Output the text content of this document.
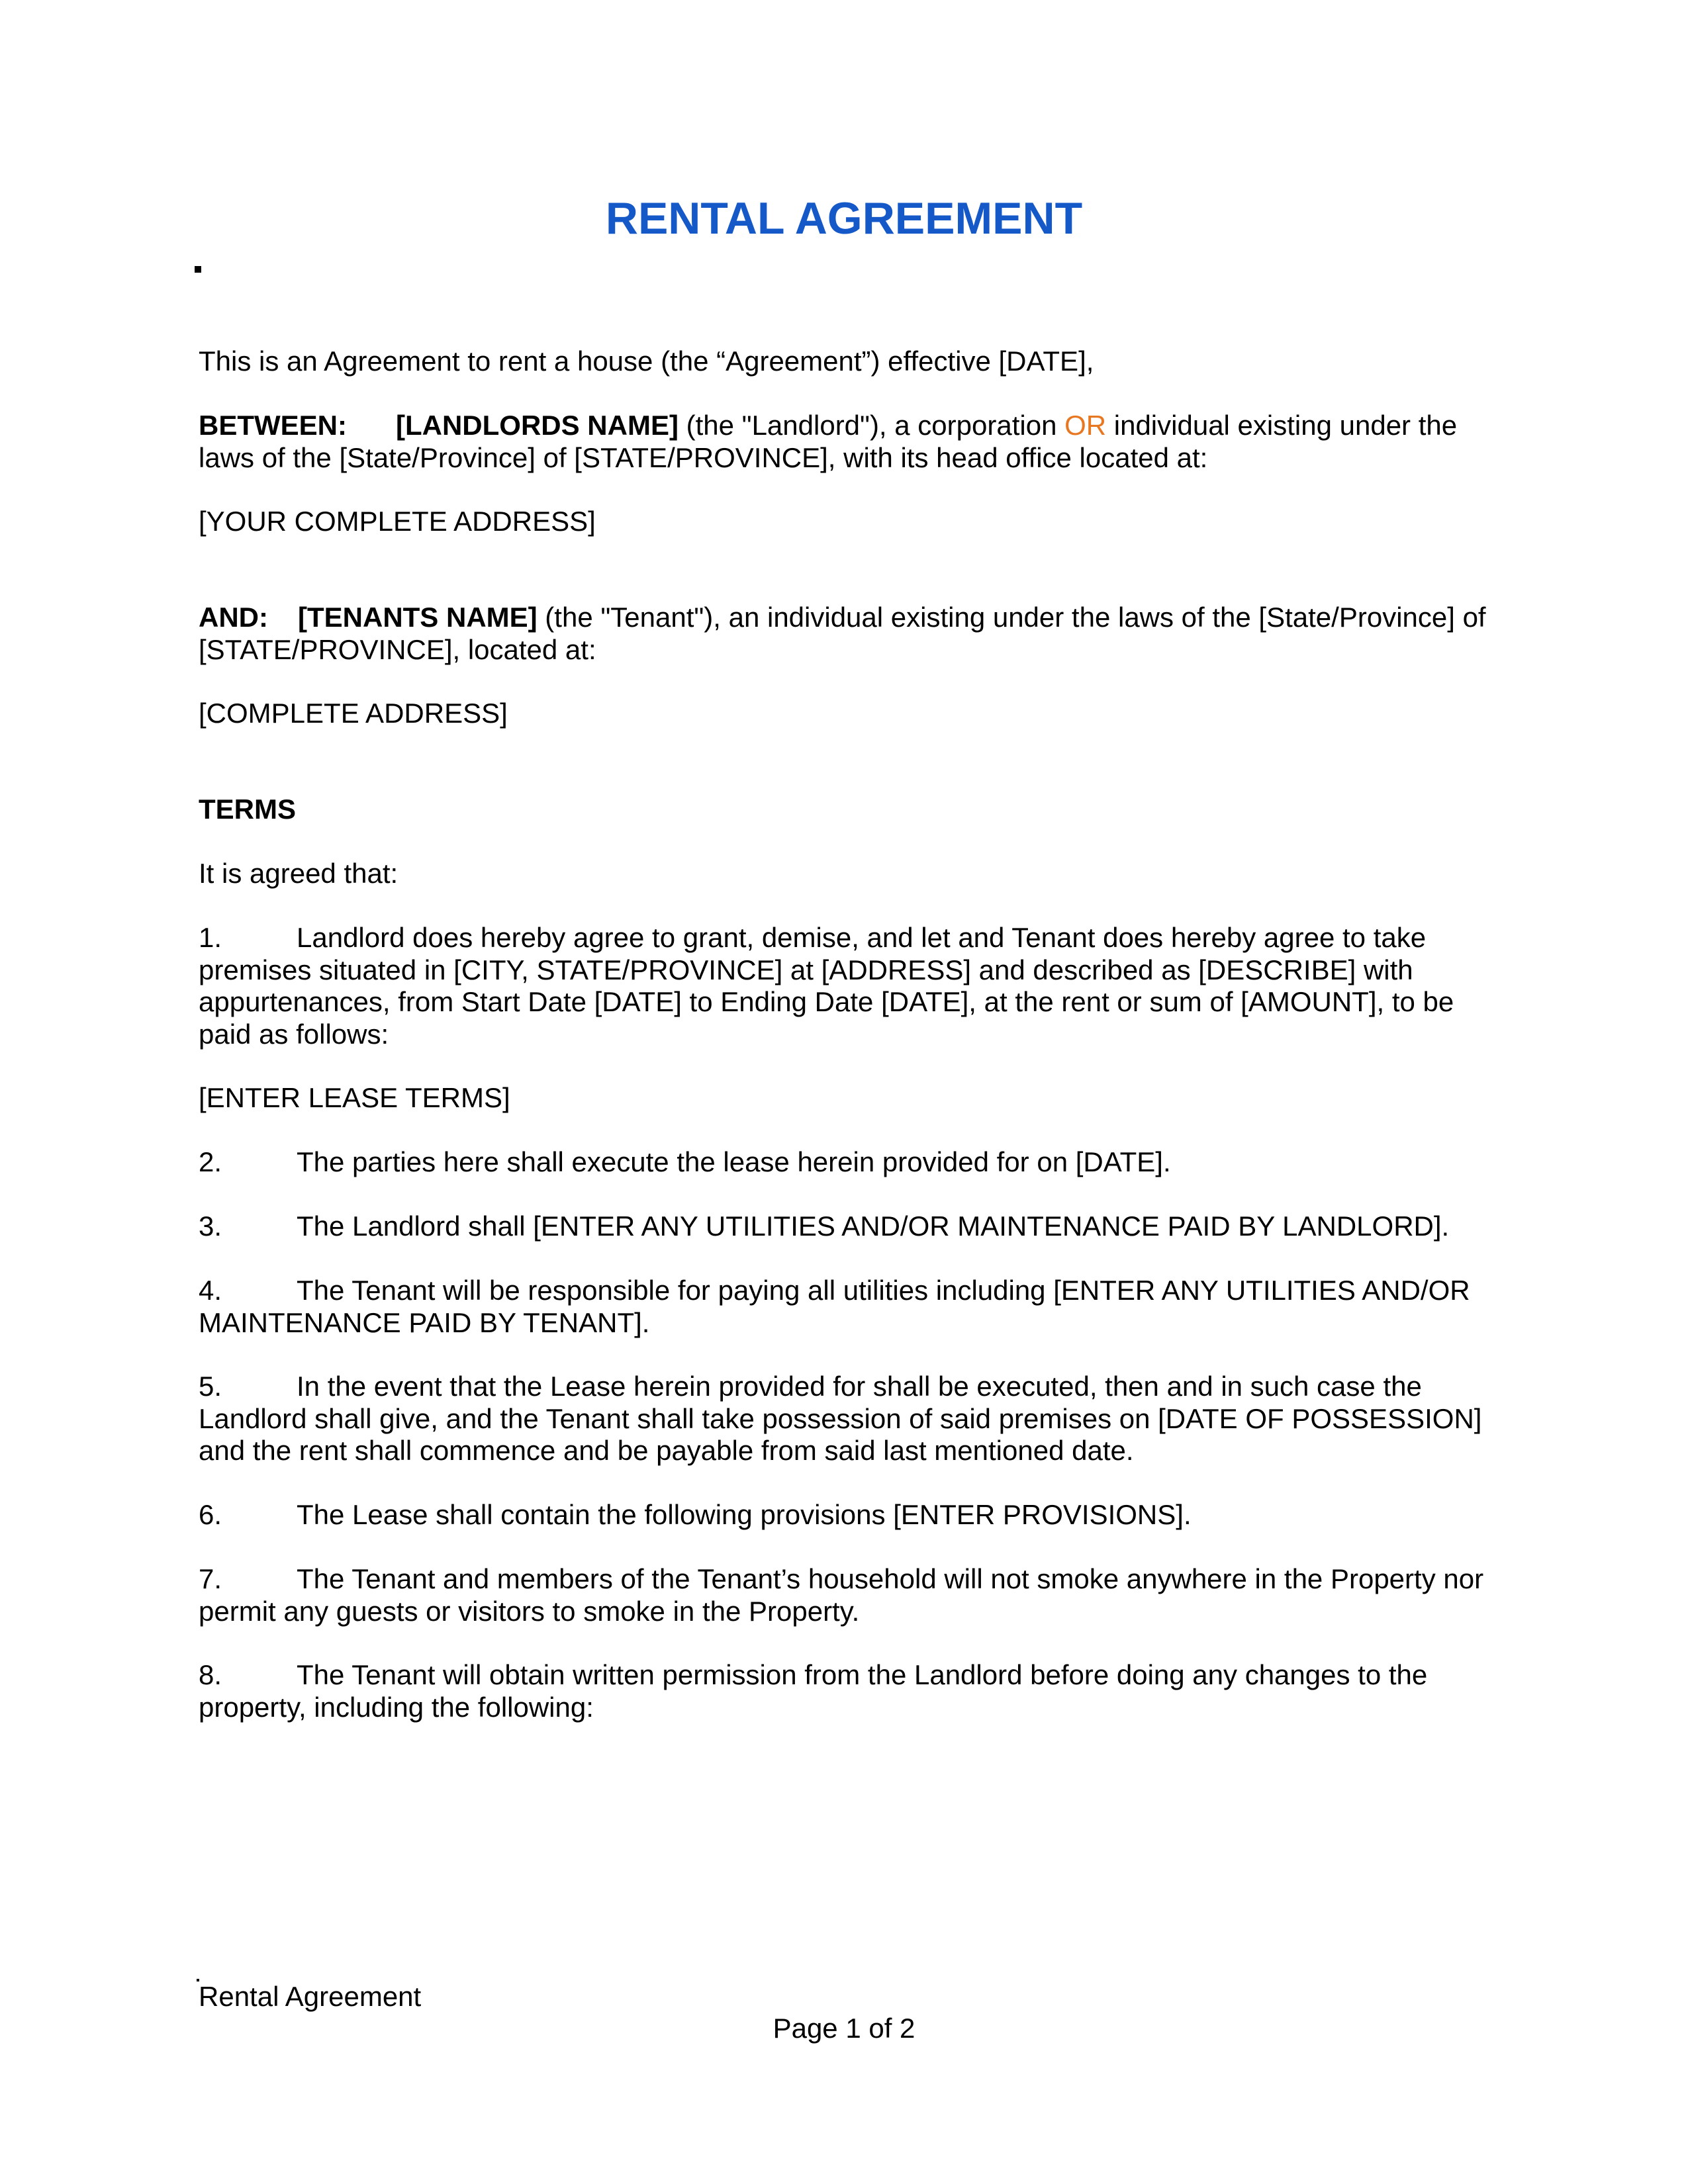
RENTAL AGREEMENT

This is an Agreement to rent a house (the “Agreement”) effective [DATE],

BETWEEN: [LANDLORDS NAME] (the "Landlord"), a corporation OR individual existing under the

laws of the [State/Province] of [STATE/PROVINCE], with its head office located at:

[YOUR COMPLETE ADDRESS]

AND: [TENANTS NAME] (the "Tenant"), an individual existing under the laws of the [State/Province] of

[STATE/PROVINCE], located at:

[COMPLETE ADDRESS]

TERMS

It is agreed that:

1.	Landlord does hereby agree to grant, demise, and let and Tenant does hereby agree to take

premises situated in [CITY, STATE/PROVINCE] at [ADDRESS] and described as [DESCRIBE] with

appurtenances, from Start Date [DATE] to Ending Date [DATE], at the rent or sum of [AMOUNT], to be

paid as follows:

[ENTER LEASE TERMS]

2.	The parties here shall execute the lease herein provided for on [DATE].

3.	The Landlord shall [ENTER ANY UTILITIES AND/OR MAINTENANCE PAID BY LANDLORD].

4.	The Tenant will be responsible for paying all utilities including [ENTER ANY UTILITIES AND/OR

MAINTENANCE PAID BY TENANT].

5.	In the event that the Lease herein provided for shall be executed, then and in such case the

Landlord shall give, and the Tenant shall take possession of said premises on [DATE OF POSSESSION]

and the rent shall commence and be payable from said last mentioned date.

6.	The Lease shall contain the following provisions [ENTER PROVISIONS].

7.	The Tenant and members of the Tenant’s household will not smoke anywhere in the Property nor

permit any guests or visitors to smoke in the Property.

8.	The Tenant will obtain written permission from the Landlord before doing any changes to the

property, including the following:

Rental Agreement
Page 1 of 2
